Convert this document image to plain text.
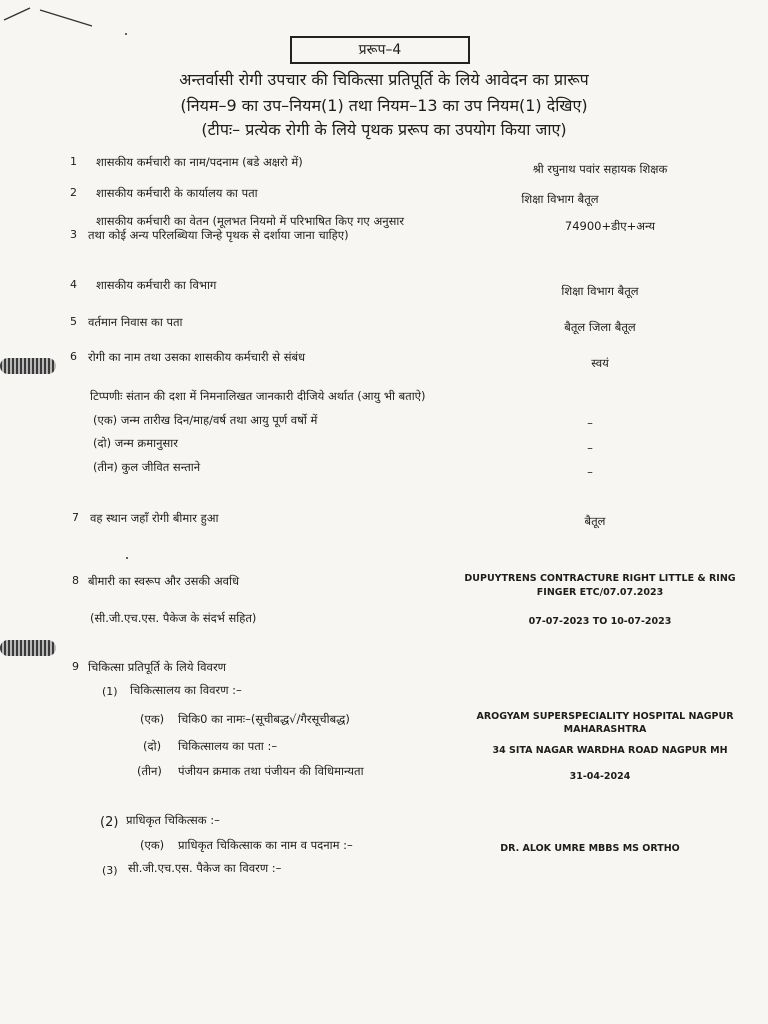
प्ररूप–4
अन्तर्वासी रोगी उपचार की चिकित्सा प्रतिपूर्ति के लिये आवेदन का प्रारूप
(नियम–9 का उप–नियम(1) तथा नियम–13 का उप नियम(1) देखिए)
(टीपः– प्रत्येक रोगी के लिये पृथक प्ररूप का उपयोग किया जाए)
1 शासकीय कर्मचारी का नाम/पदनाम (बडे अक्षरो में)	श्री रघुनाथ पवांर सहायक शिक्षक
2 शासकीय कर्मचारी के कार्यालय का पता	शिक्षा विभाग बैतूल
शासकीय कर्मचारी का वेतन (मूलभत नियमो में परिभाषित किए गए अनुसार
3 तथा कोई अन्य परिलब्धिया जिन्हे पृथक से दर्शाया जाना चाहिए)
74900+डीए+अन्य
4 शासकीय कर्मचारी का विभाग	शिक्षा विभाग बैतूल
5 वर्तमान निवास का पता	बैतूल जिला बैतूल
6 रोगी का नाम तथा उसका शासकीय कर्मचारी से संबंध	स्वयं
टिप्पणीः संतान की दशा में निमनालिखत जानकारी दीजिये अर्थात (आयु भी बताऐ)
(एक) जन्म तारीख दिन/माह/वर्ष तथा आयु पूर्ण वर्षो में	–
(दो) जन्म क्रमानुसार	–
(तीन) कुल जीवित सन्ताने	–
7 वह स्थान जहॉं रोगी बीमार हुआ	बैतूल
8 बीमारी का स्वरूप और उसकी अवधि	DUPUYTRENS CONTRACTURE RIGHT LITTLE & RING
FINGER ETC/07.07.2023
(सी.जी.एच.एस. पैकेज के संदर्भ सहित)	07-07-2023 TO 10-07-2023
9 चिकित्सा प्रतिपूर्ति के लिये विवरण
(1) चिकित्सालय का विवरण :–
(एक) चिकि0 का नामः–(सूचीबद्ध√/गैरसूचीबद्ध)	AROGYAM SUPERSPECIALITY HOSPITAL NAGPUR
MAHARASHTRA
(दो) चिकित्सालय का पता :–	34 SITA NAGAR WARDHA ROAD NAGPUR MH
(तीन) पंजीयन क्रमाक तथा पंजीयन की विधिमान्यता	31-04-2024
(2) प्राधिकृत चिकित्सक :–
(एक) प्राधिकृत चिकित्साक का नाम व पदनाम :–	DR. ALOK UMRE MBBS MS ORTHO
(3) सी.जी.एच.एस. पैकेज का विवरण :–
